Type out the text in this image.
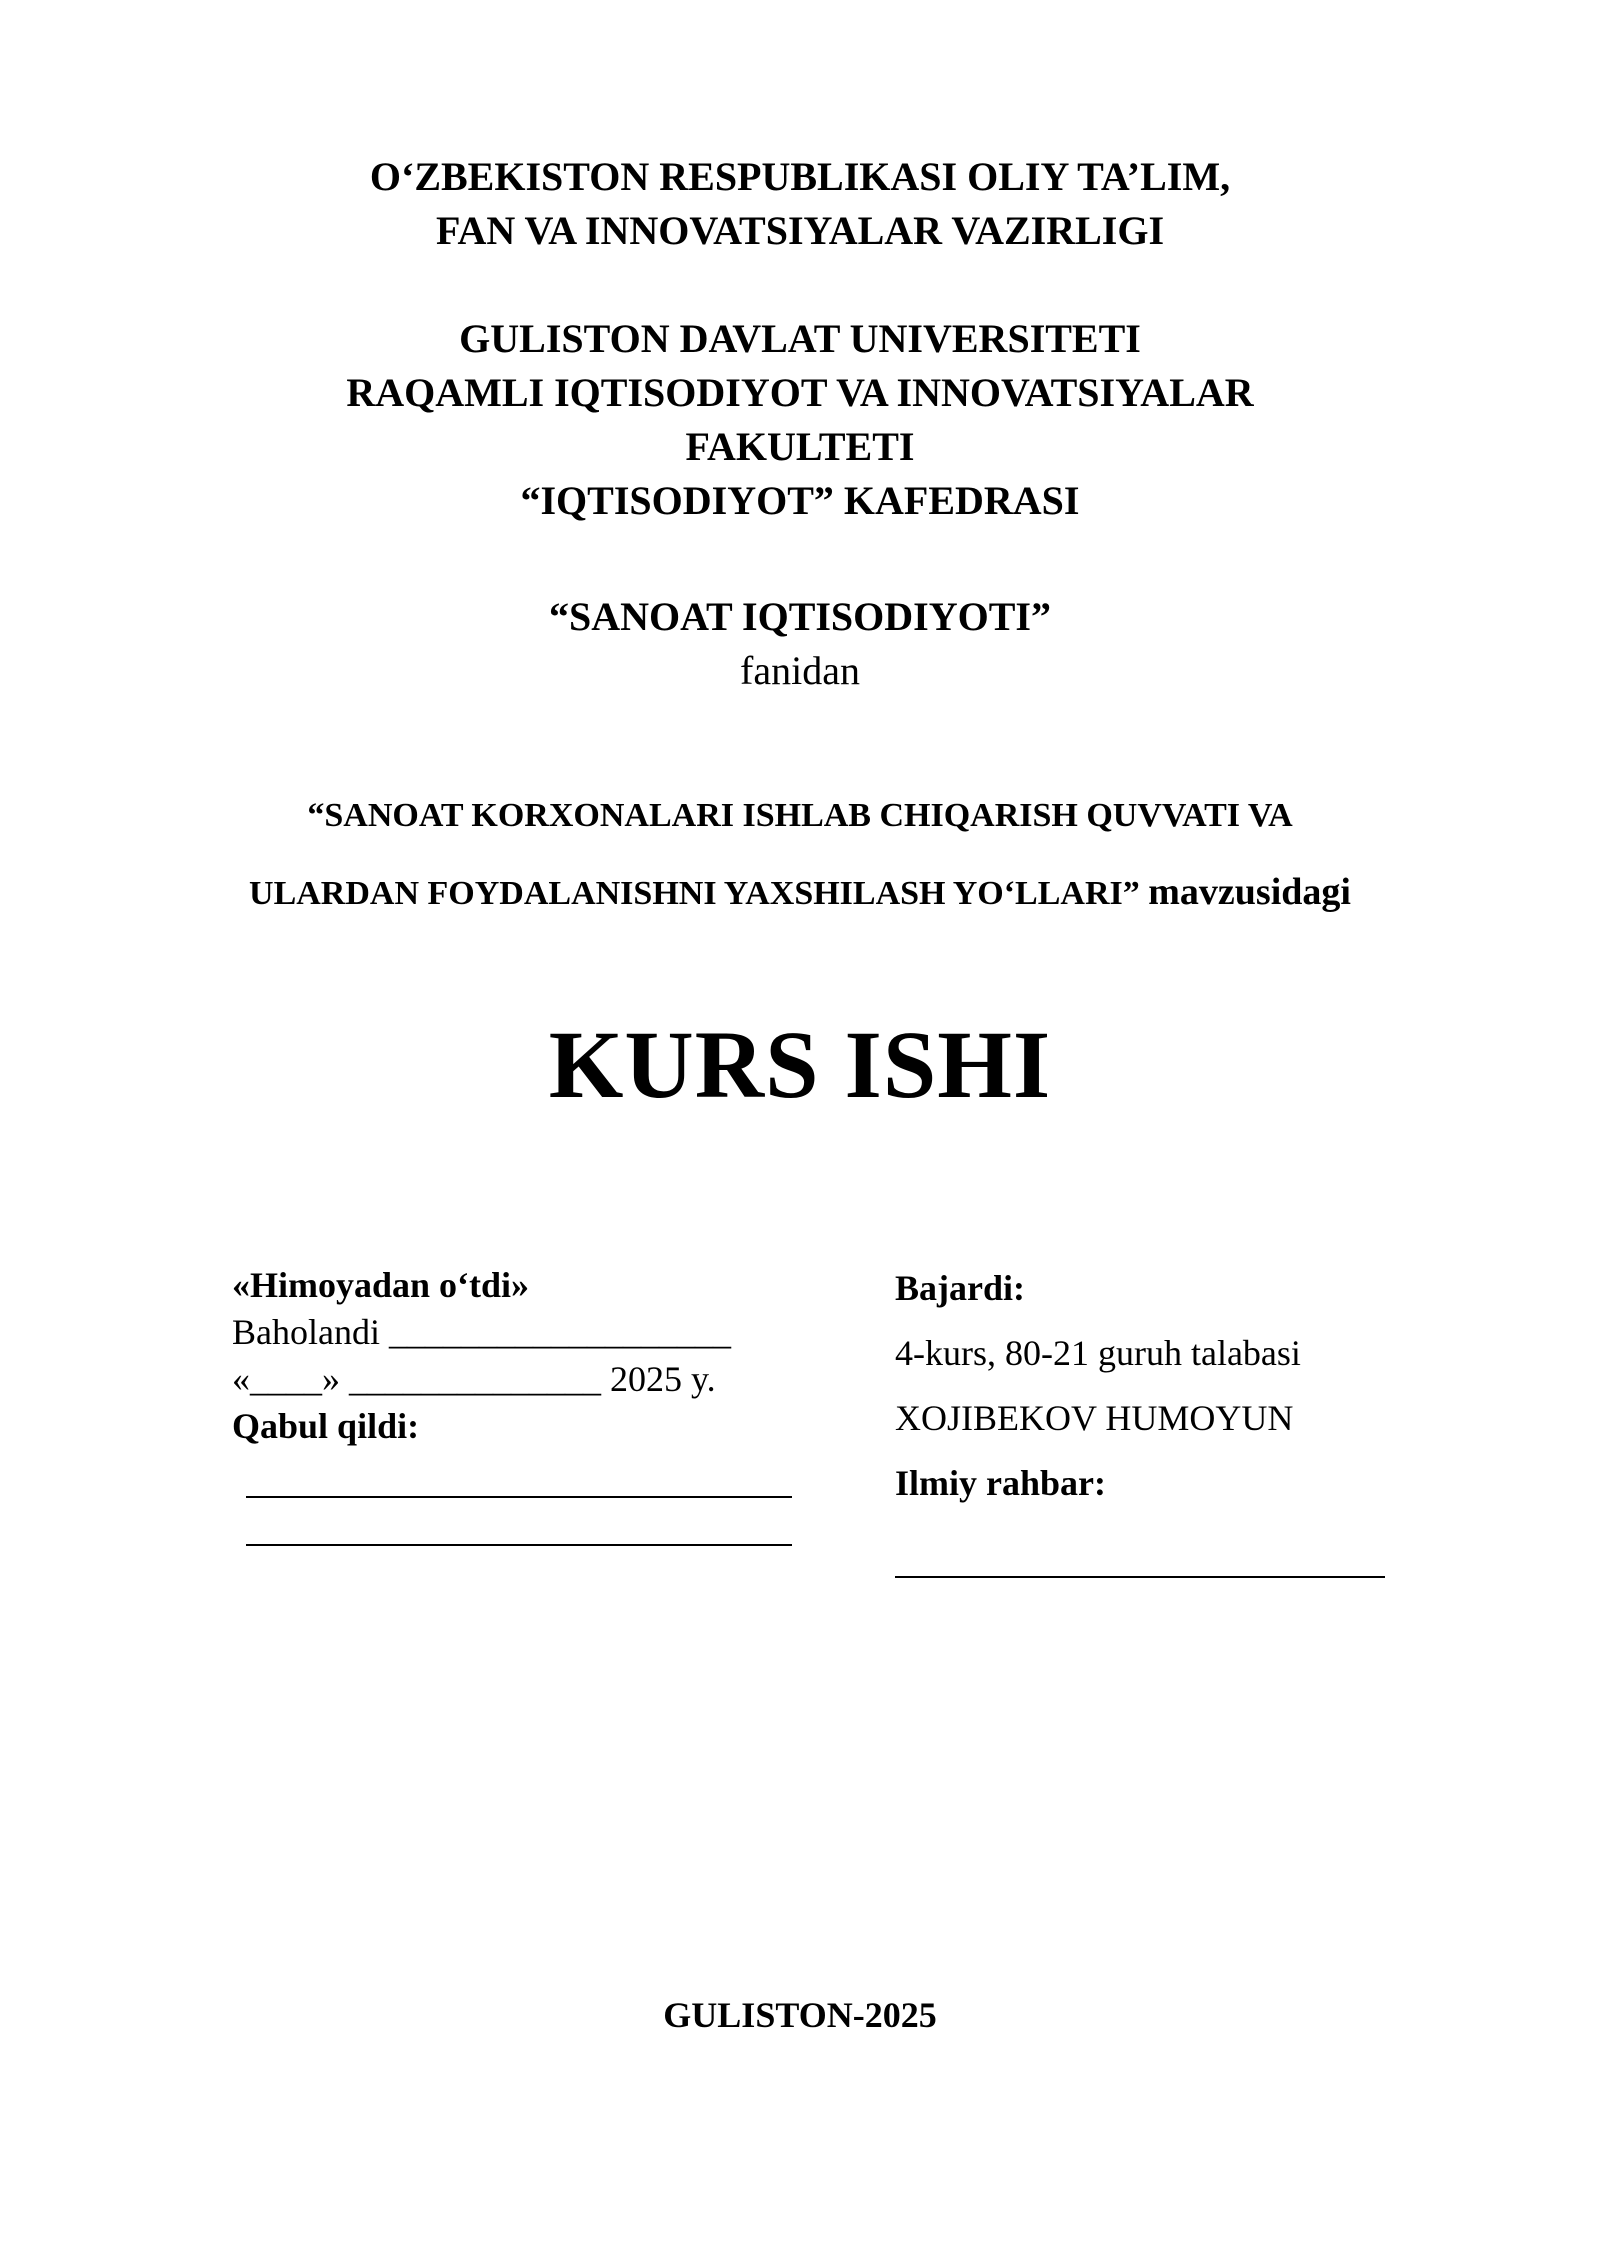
O‘ZBEKISTON RESPUBLIKASI OLIY TA’LIM,
FAN VA INNOVATSIYALAR VAZIRLIGI
GULISTON DAVLAT UNIVERSITETI
RAQAMLI IQTISODIYOT VA INNOVATSIYALAR
FAKULTETI
“IQTISODIYOT” KAFEDRASI
“SANOAT IQTISODIYOTI”
fanidan
“SANOAT KORXONALARI ISHLAB CHIQARISH QUVVATI VA
ULARDAN FOYDALANISHNI YAXSHILASH YO‘LLARI” mavzusidagi
KURS ISHI
«Himoyadan o‘tdi»
Baholandi ___________________
«____» ______________ 2025 y.
Qabul qildi:
Bajardi:
4-kurs, 80-21 guruh talabasi
XOJIBEKOV HUMOYUN
Ilmiy rahbar:
GULISTON-2025
